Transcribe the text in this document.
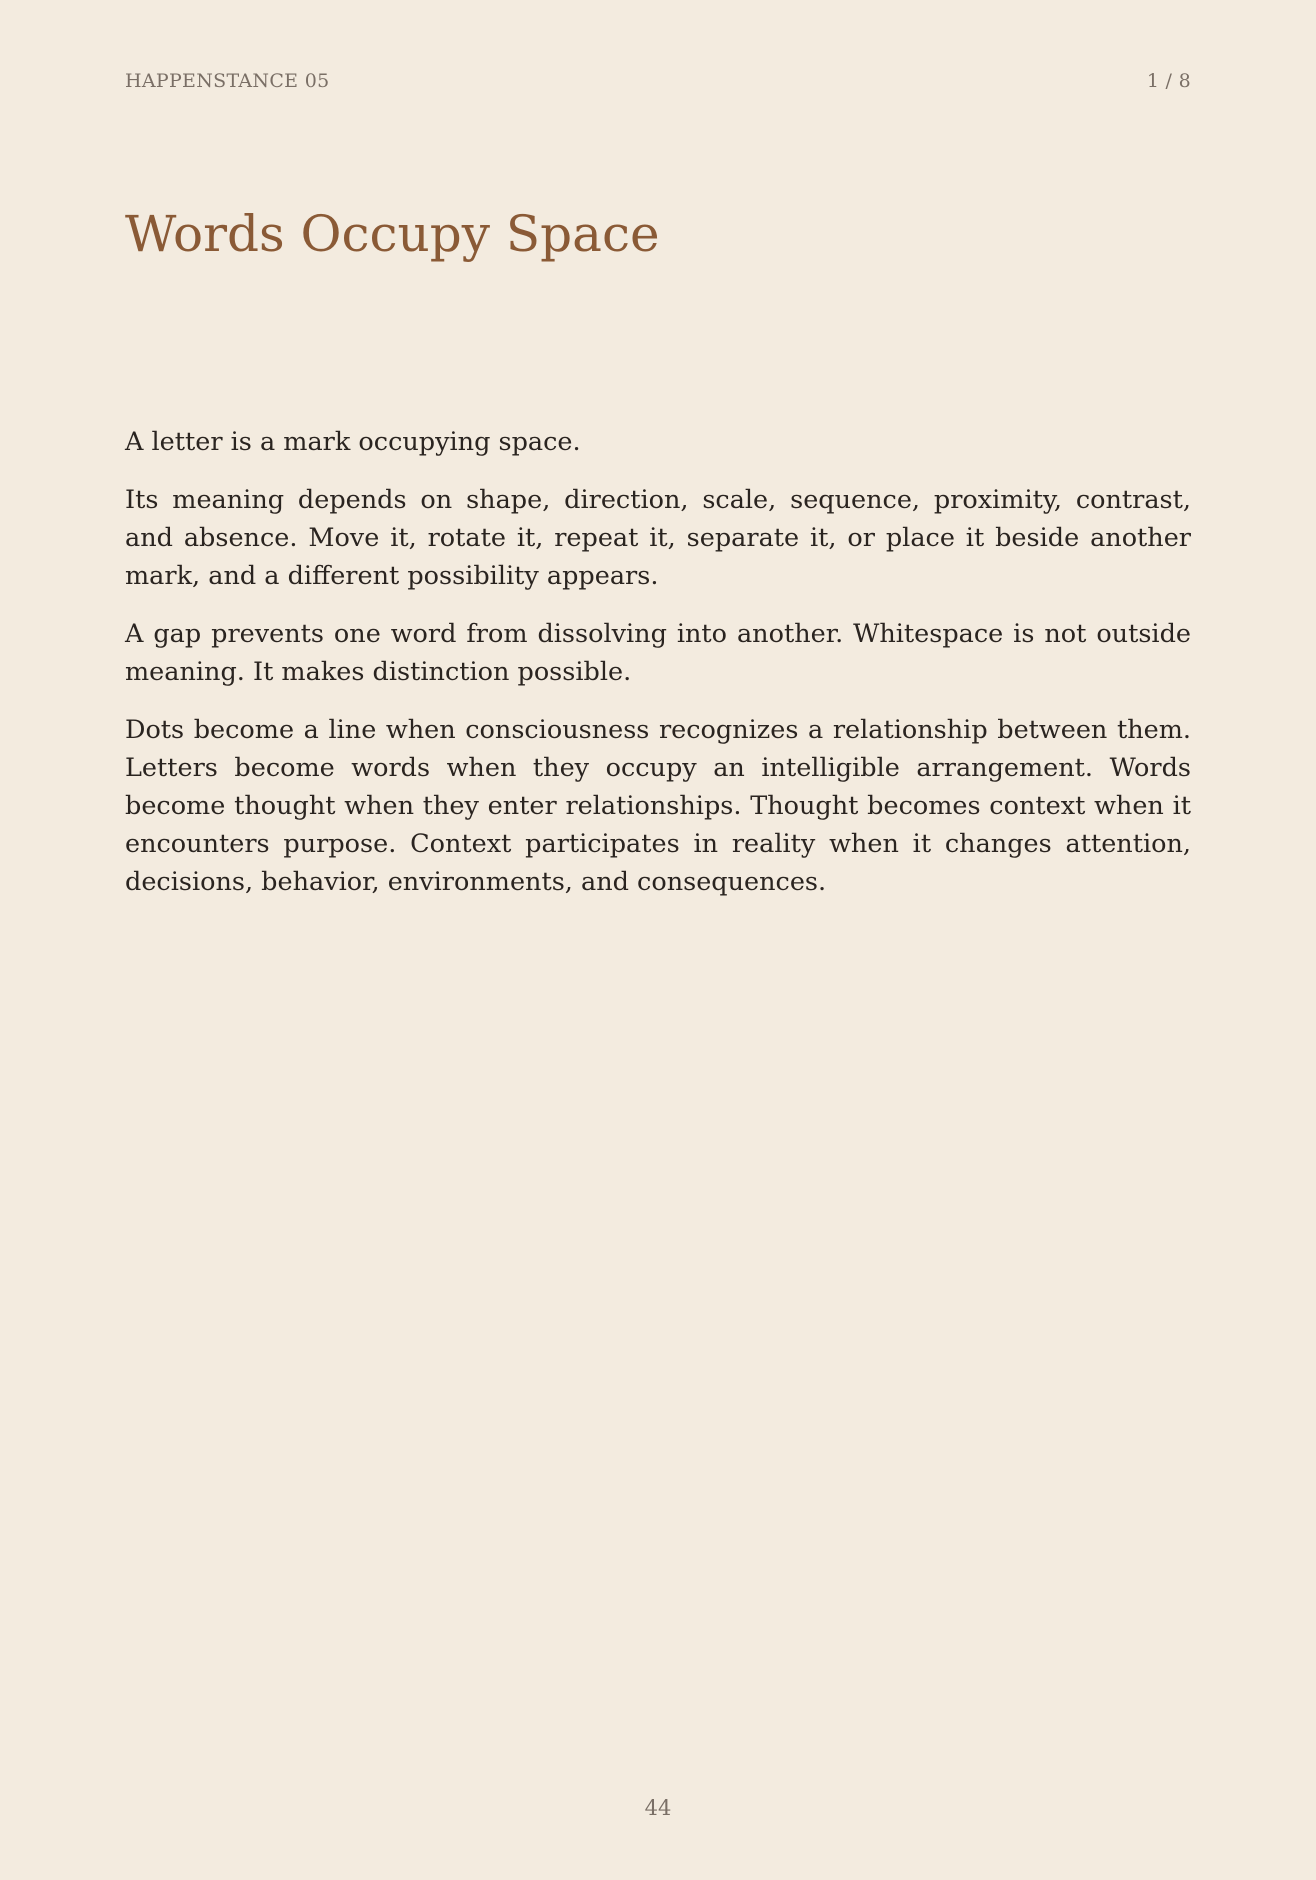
HAPPENSTANCE 05	1 / 8
Words Occupy Space

A letter is a mark occupying space.

Its meaning depends on shape, direction, scale, sequence, proximity, contrast, and absence. Move it, rotate it, repeat it, separate it, or place it beside another mark, and a different possibility appears.

A gap prevents one word from dissolving into another. Whitespace is not outside meaning. It makes distinction possible.

Dots become a line when consciousness recognizes a relationship between them. Letters become words when they occupy an intelligible arrangement. Words become thought when they enter relationships. Thought becomes context when it encounters purpose. Context participates in reality when it changes attention, decisions, behavior, environments, and consequences.

44
